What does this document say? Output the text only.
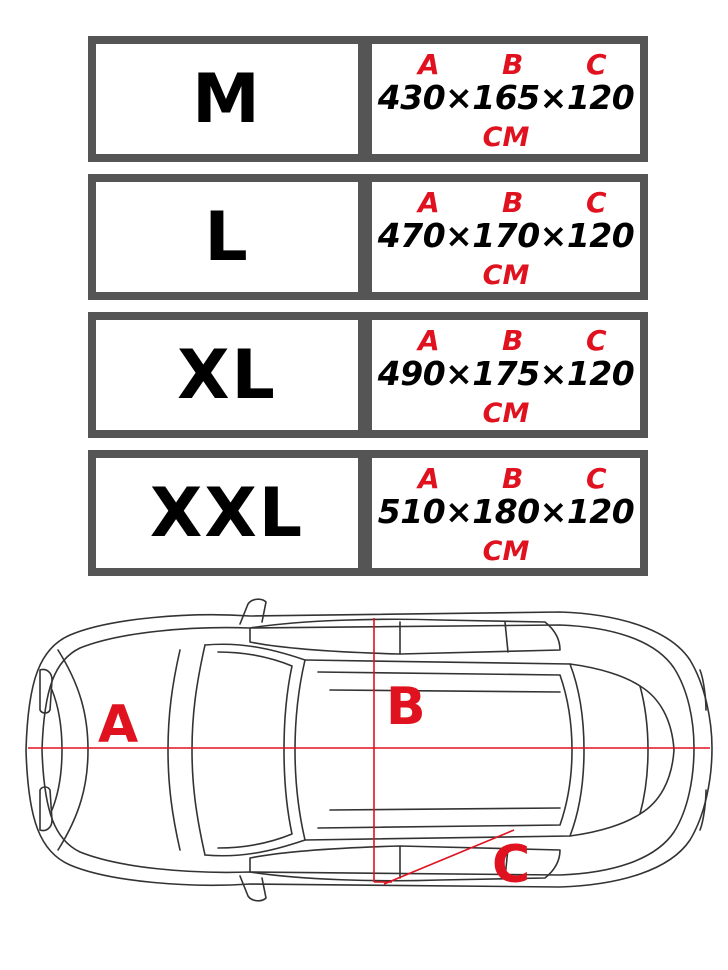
M	A B C
430×165×120
CM
L	A B C
470×170×120
CM
XL	A B C
490×175×120
CM
XXL	A B C
510×180×120
CM
A	B
C
